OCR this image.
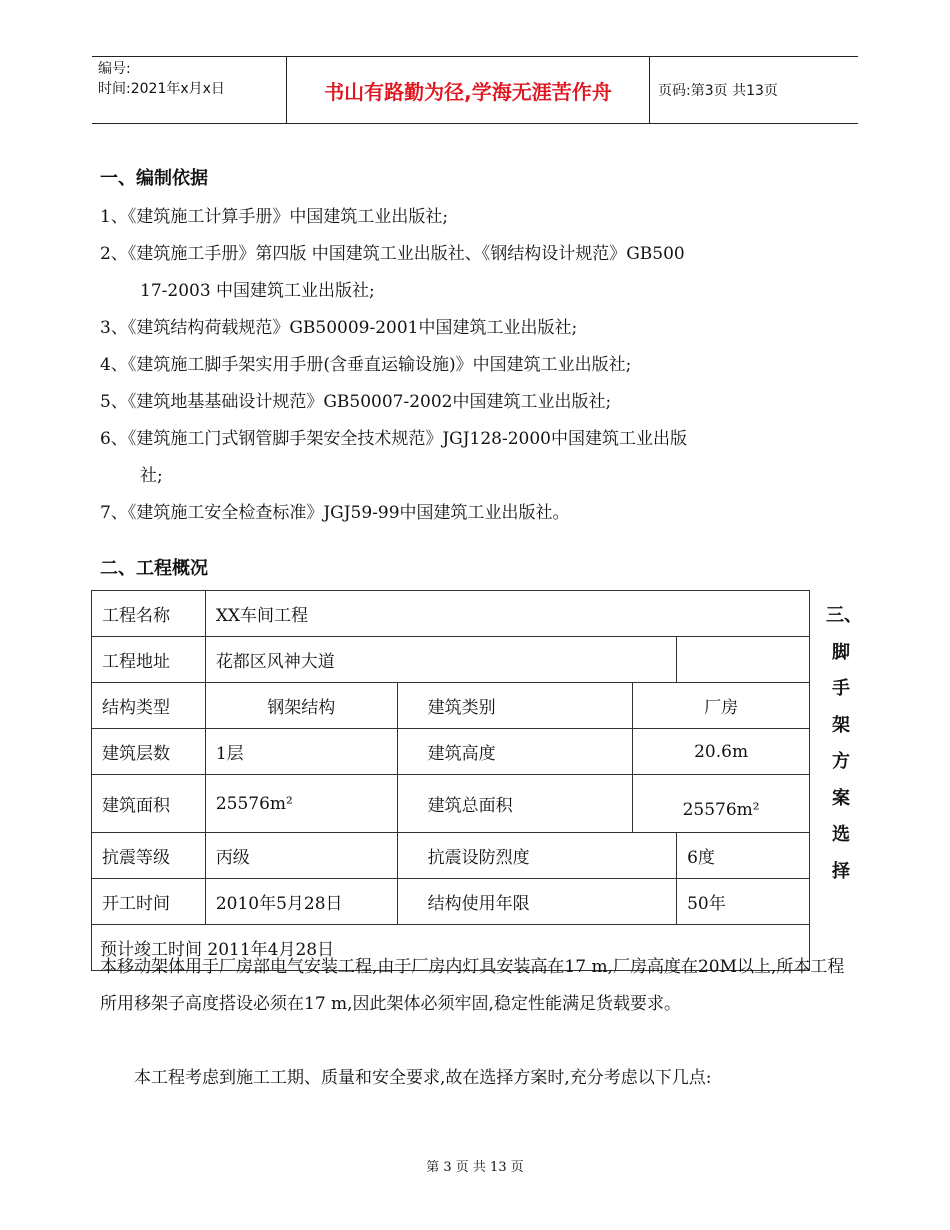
编号:
时间:2021年x月x日	书山有路勤为径,学海无涯苦作舟	页码:第3页 共13页
一、编制依据
1、《建筑施工计算手册》中国建筑工业出版社;
2、《建筑施工手册》第四版 中国建筑工业出版社、《钢结构设计规范》GB500
17-2003 中国建筑工业出版社;
3、《建筑结构荷载规范》GB50009-2001中国建筑工业出版社;
4、《建筑施工脚手架实用手册(含垂直运输设施)》中国建筑工业出版社;
5、《建筑地基基础设计规范》GB50007-2002中国建筑工业出版社;
6、《建筑施工门式钢管脚手架安全技术规范》JGJ128-2000中国建筑工业出版
社;
7、《建筑施工安全检查标准》JGJ59-99中国建筑工业出版社。
二、工程概况
工程名称	XX车间工程			
工程地址	花都区风神大道			
结构类型	钢架结构	建筑类别	厂房	
建筑层数	1层	建筑高度	20.6m	
建筑面积	25576m²	建筑总面积	25576m²	
抗震等级	丙级	抗震设防烈度		6度
开工时间	2010年5月28日	结构使用年限		50年
预计竣工时间 2011年4月28日				
三、
脚
手
架
方
案
选
择
本移动架体用于厂房部电气安装工程,由于厂房内灯具安装高在17 m,厂房高度在20M以上,所本工程所用移架子高度搭设必须在17 m,因此架体必须牢固,稳定性能满足货载要求。
本工程考虑到施工工期、质量和安全要求,故在选择方案时,充分考虑以下几点:
第 3 页 共 13 页
